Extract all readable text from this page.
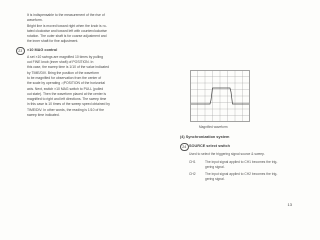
It is indispensable to the measurement of the rise of

waveform.

Bright line is moved toward right when the knob is ro-

tated clockwise and toward left with counterclockwise

rotation. The outer shaft is for coarse adjustment and

the inner shaft for fine adjustment.

23	×10 MAG control

A set ×10 swings are magnified 10 times by pulling

out FINE knob (inner shaft) of POSITION. In

this case, the sweep time is 1/10 of the value indicated

by TIME/DIV. Bring the position of the waveform

to be magnified for observation from the center of

the scale by operating ◁POSITION of the horizontal

axis. Next, switch ×10 MAG switch to PULL (pulled

out state). Then the waveform placed at the center is

magnified to right and left directions. The sweep time

in this case is 10 times of the sweep speed obtained by

TIME/DIV. In other words, the reading is 1/10 of the

sweep time indicated.

Magnified waveform
(4) Synchronization system
24 SOURCE select switch
Used to select the triggering signal source & sweep.
CH1	The input signal applied to CH1 becomes the trig-
gering signal.
CH2	The input signal applied to CH2 becomes the trig-
gering signal.
13
